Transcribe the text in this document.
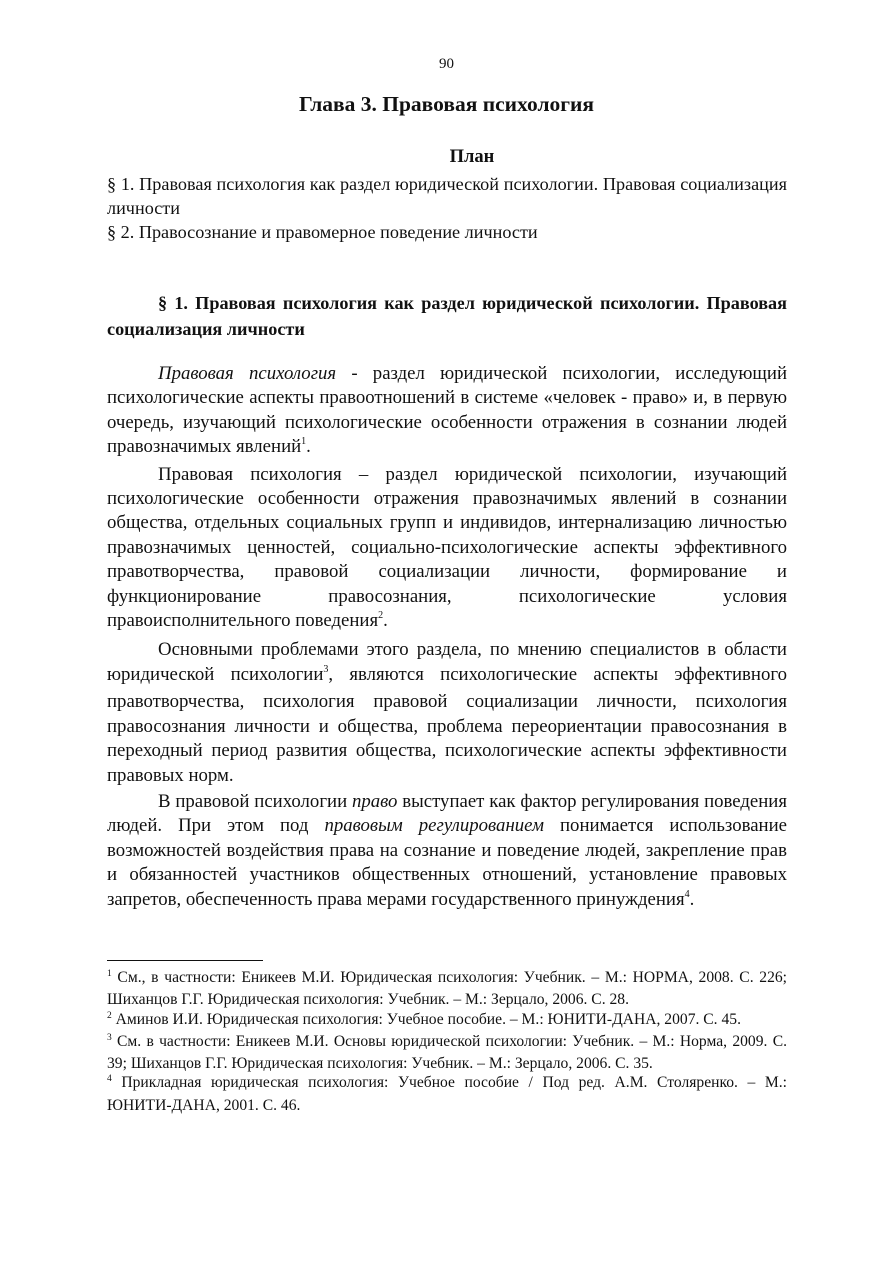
90
Глава 3. Правовая психология
План

§ 1. Правовая психология как раздел юридической психологии. Правовая социализация личности

§ 2. Правосознание и правомерное поведение личности

§ 1. Правовая психология как раздел юридической психологии. Правовая социализация личности

Правовая психология - раздел юридической психологии, исследующий психологические аспекты правоотношений в системе «человек - право» и, в первую очередь, изучающий психологические особенности отражения в сознании людей правозначимых явлений$^1$.

Правовая психология – раздел юридической психологии, изучающий психологические особенности отражения правозначимых явлений в сознании общества, отдельных социальных групп и индивидов, интернализацию личностью правозначимых ценностей, социально-психологические аспекты эффективного правотворчества, правовой социализации личности, формирование и функционирование правосознания, психологические условия правоисполнительного поведения$^2$.

Основными проблемами этого раздела, по мнению специалистов в области юридической психологии$^3$, являются психологические аспекты эффективного правотворчества, психология правовой социализации личности, психология правосознания личности и общества, проблема переориентации правосознания в переходный период развития общества, психологические аспекты эффективности правовых норм.

В правовой психологии право выступает как фактор регулирования поведения людей. При этом под правовым регулированием понимается использование возможностей воздействия права на сознание и поведение людей, закрепление прав и обязанностей участников общественных отношений, установление правовых запретов, обеспеченность права мерами государственного принуждения$^4$.

$^1$ См., в частности: Еникеев М.И. Юридическая психология: Учебник. – М.: НОРМА, 2008. С. 226; Шиханцов Г.Г. Юридическая психология: Учебник. – М.: Зерцало, 2006. С. 28.

$^2$ Аминов И.И. Юридическая психология: Учебное пособие. – М.: ЮНИТИ-ДАНА, 2007. С. 45.

$^3$ См. в частности: Еникеев М.И. Основы юридической психологии: Учебник. – М.: Норма, 2009. С. 39; Шиханцов Г.Г. Юридическая психология: Учебник. – М.: Зерцало, 2006. С. 35.

$^4$ Прикладная юридическая психология: Учебное пособие / Под ред. А.М. Столяренко. – М.: ЮНИТИ-ДАНА, 2001. С. 46.
